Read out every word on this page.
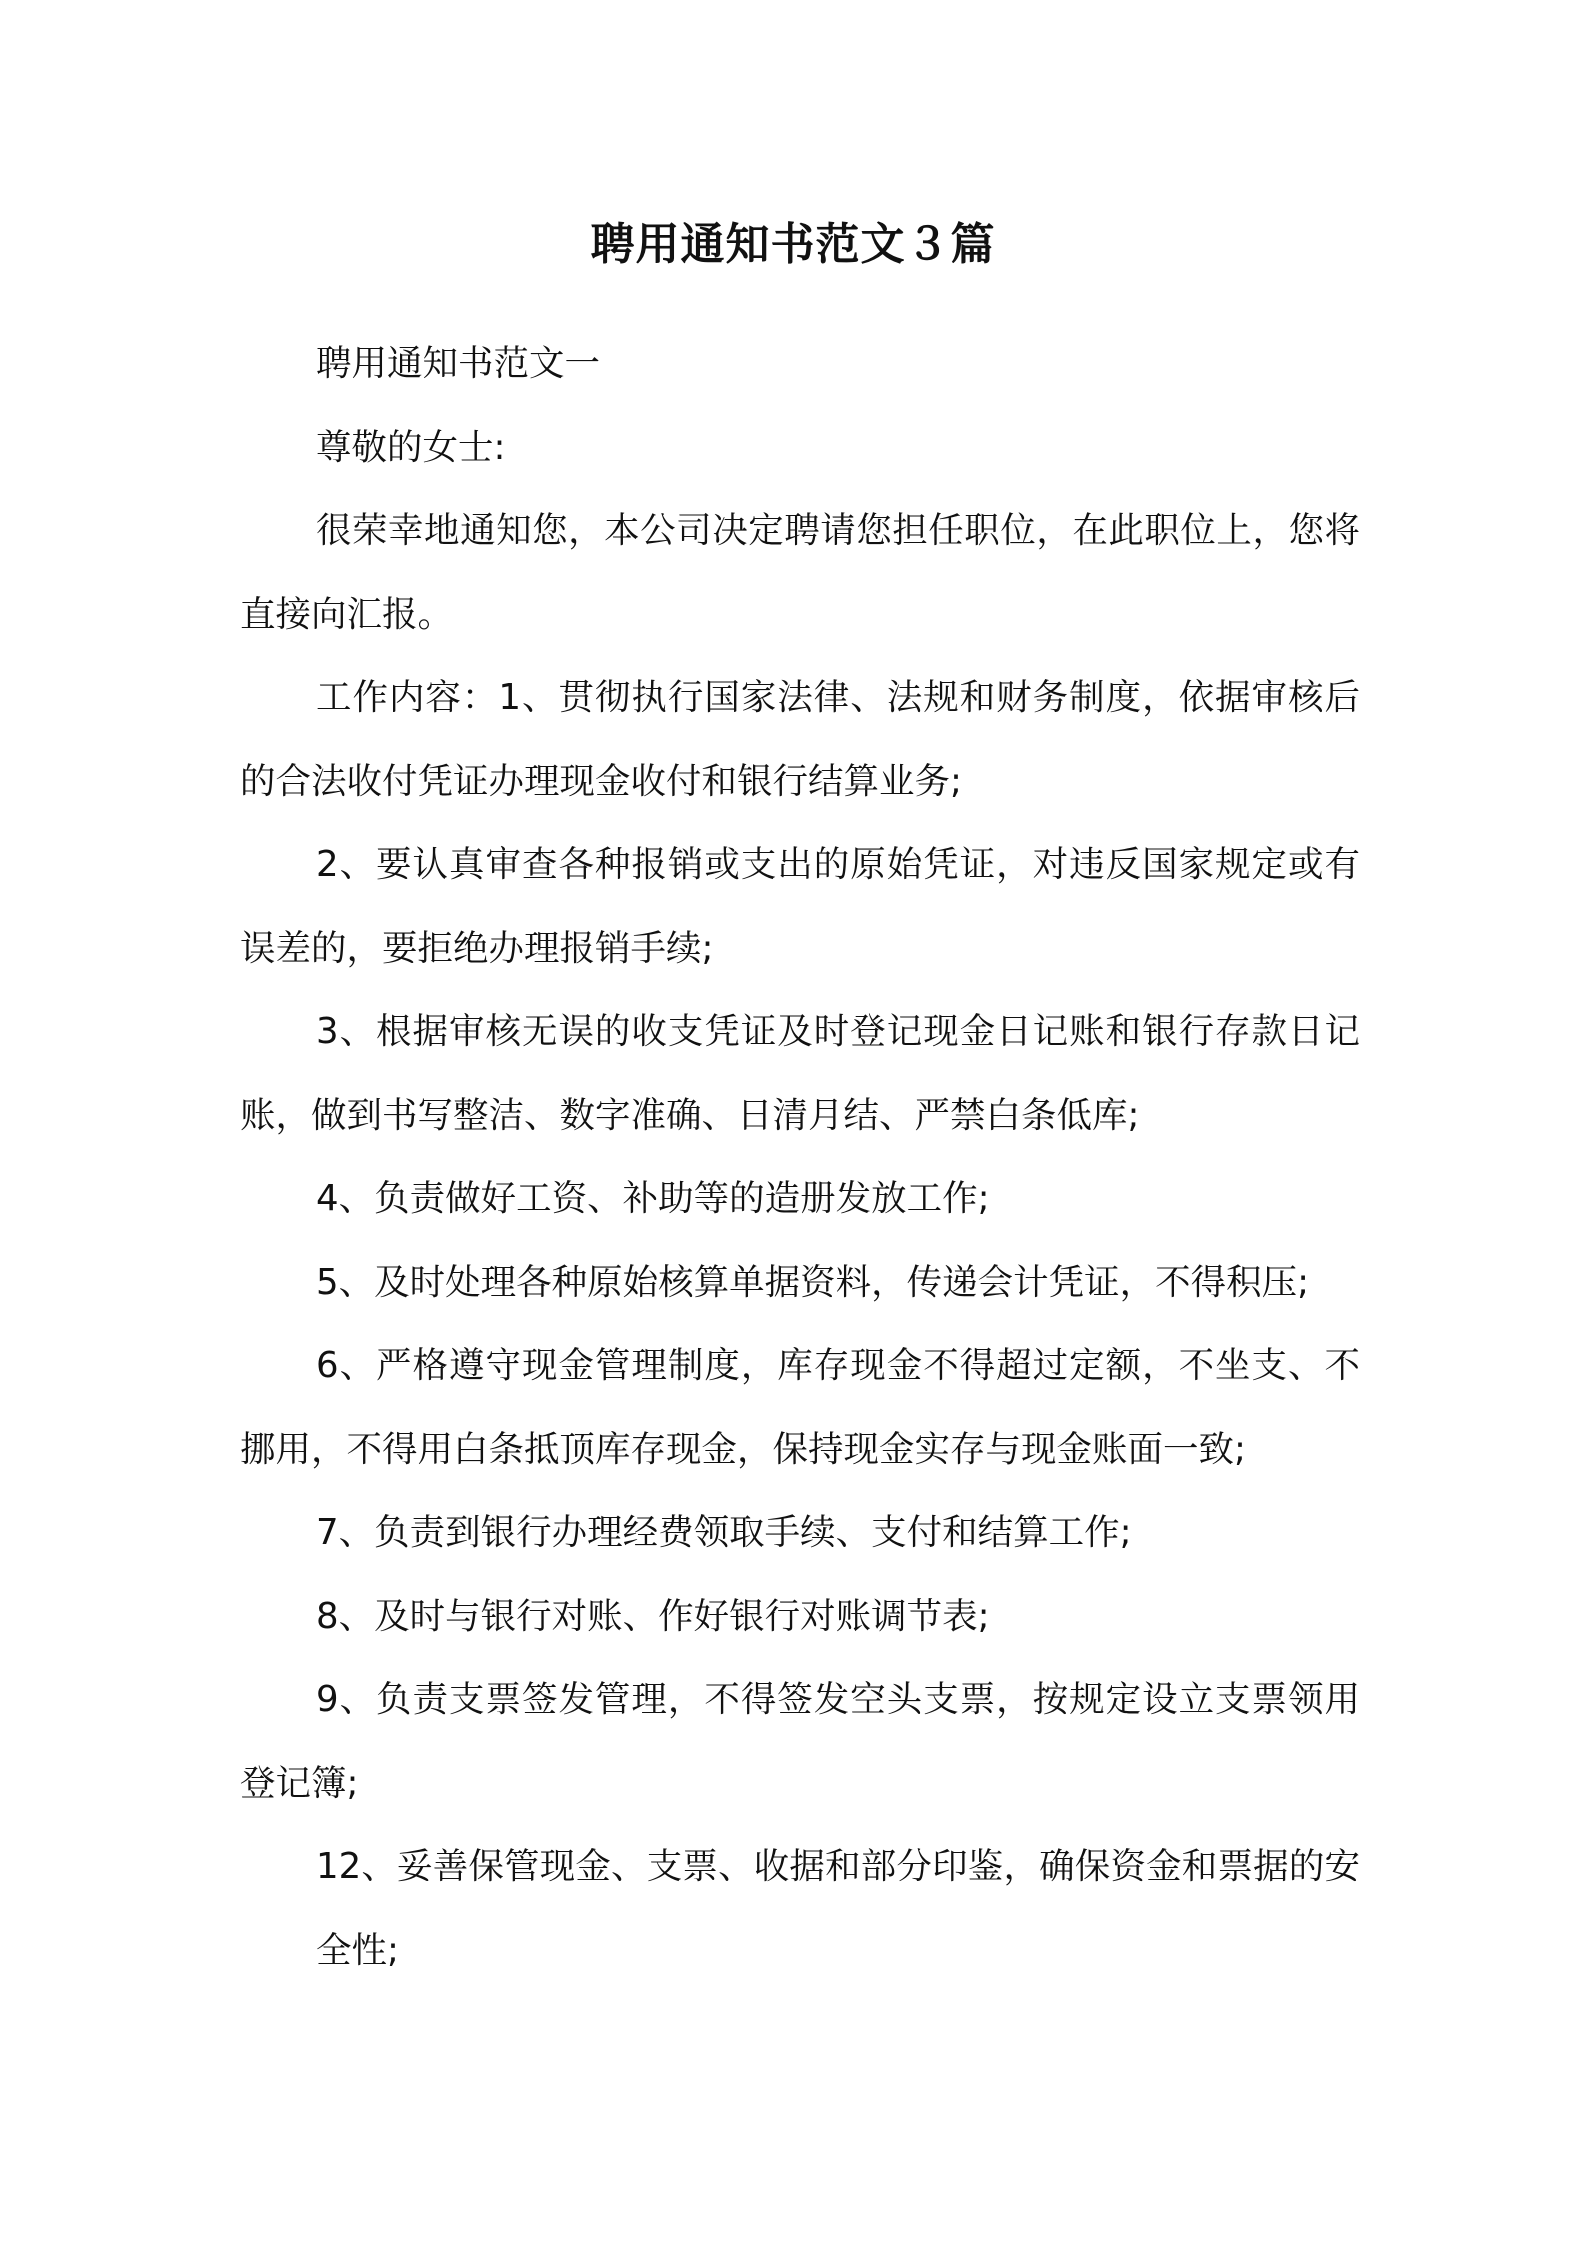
聘用通知书范文３篇

聘用通知书范文一

尊敬的女士:

很荣幸地通知您，本公司决定聘请您担任职位，在此职位上，您将直接向汇报。

工作内容：1、贯彻执行国家法律、法规和财务制度，依据审核后的合法收付凭证办理现金收付和银行结算业务;

2、要认真审查各种报销或支出的原始凭证，对违反国家规定或有误差的，要拒绝办理报销手续;

3、根据审核无误的收支凭证及时登记现金日记账和银行存款日记账，做到书写整洁、数字准确、日清月结、严禁白条低库;

4、负责做好工资、补助等的造册发放工作;

5、及时处理各种原始核算单据资料，传递会计凭证，不得积压;

6、严格遵守现金管理制度，库存现金不得超过定额，不坐支、不挪用，不得用白条抵顶库存现金，保持现金实存与现金账面一致;

7、负责到银行办理经费领取手续、支付和结算工作;

8、及时与银行对账、作好银行对账调节表;

9、负责支票签发管理，不得签发空头支票，按规定设立支票领用登记簿;

12、妥善保管现金、支票、收据和部分印鉴，确保资金和票据的安全性;
